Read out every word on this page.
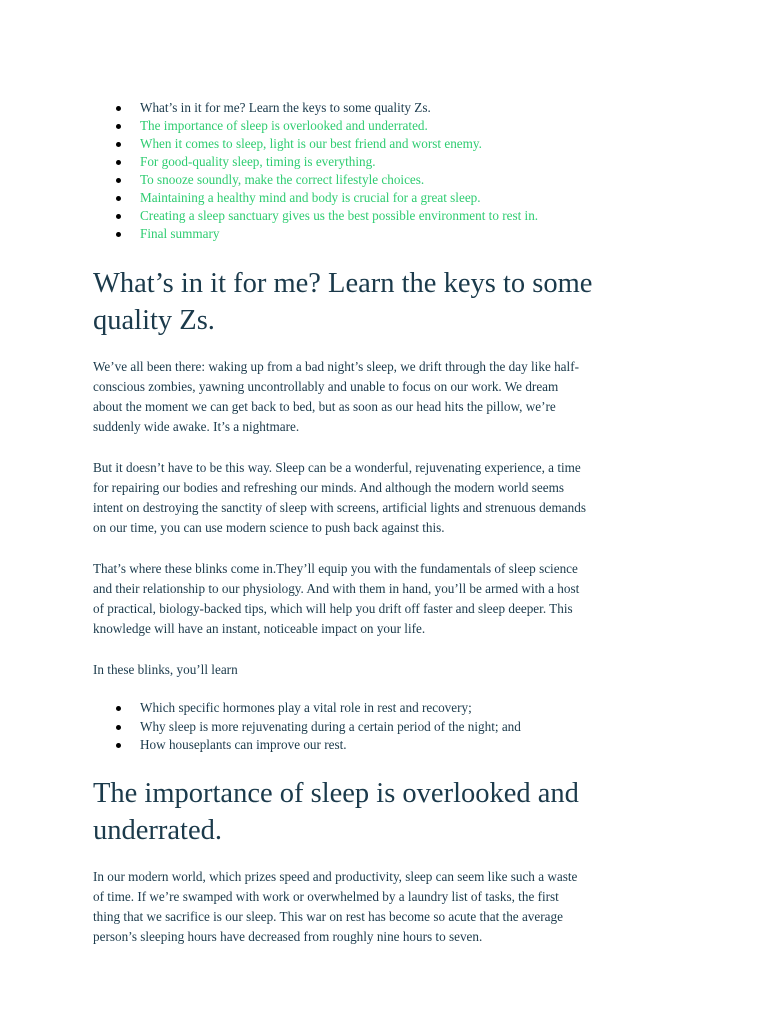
What’s in it for me? Learn the keys to some quality Zs.
The importance of sleep is overlooked and underrated.
When it comes to sleep, light is our best friend and worst enemy.
For good-quality sleep, timing is everything.
To snooze soundly, make the correct lifestyle choices.
Maintaining a healthy mind and body is crucial for a great sleep.
Creating a sleep sanctuary gives us the best possible environment to rest in.
Final summary
What’s in it for me? Learn the keys to some
quality Zs.

We’ve all been there: waking up from a bad night’s sleep, we drift through the day like half-
conscious zombies, yawning uncontrollably and unable to focus on our work. We dream
about the moment we can get back to bed, but as soon as our head hits the pillow, we’re
suddenly wide awake. It’s a nightmare.

But it doesn’t have to be this way. Sleep can be a wonderful, rejuvenating experience, a time
for repairing our bodies and refreshing our minds. And although the modern world seems
intent on destroying the sanctity of sleep with screens, artificial lights and strenuous demands
on our time, you can use modern science to push back against this.

That’s where these blinks come in.They’ll equip you with the fundamentals of sleep science
and their relationship to our physiology. And with them in hand, you’ll be armed with a host
of practical, biology-backed tips, which will help you drift off faster and sleep deeper. This
knowledge will have an instant, noticeable impact on your life.

In these blinks, you’ll learn

Which specific hormones play a vital role in rest and recovery;
Why sleep is more rejuvenating during a certain period of the night; and
How houseplants can improve our rest.
The importance of sleep is overlooked and
underrated.

In our modern world, which prizes speed and productivity, sleep can seem like such a waste
of time. If we’re swamped with work or overwhelmed by a laundry list of tasks, the first
thing that we sacrifice is our sleep. This war on rest has become so acute that the average
person’s sleeping hours have decreased from roughly nine hours to seven.
